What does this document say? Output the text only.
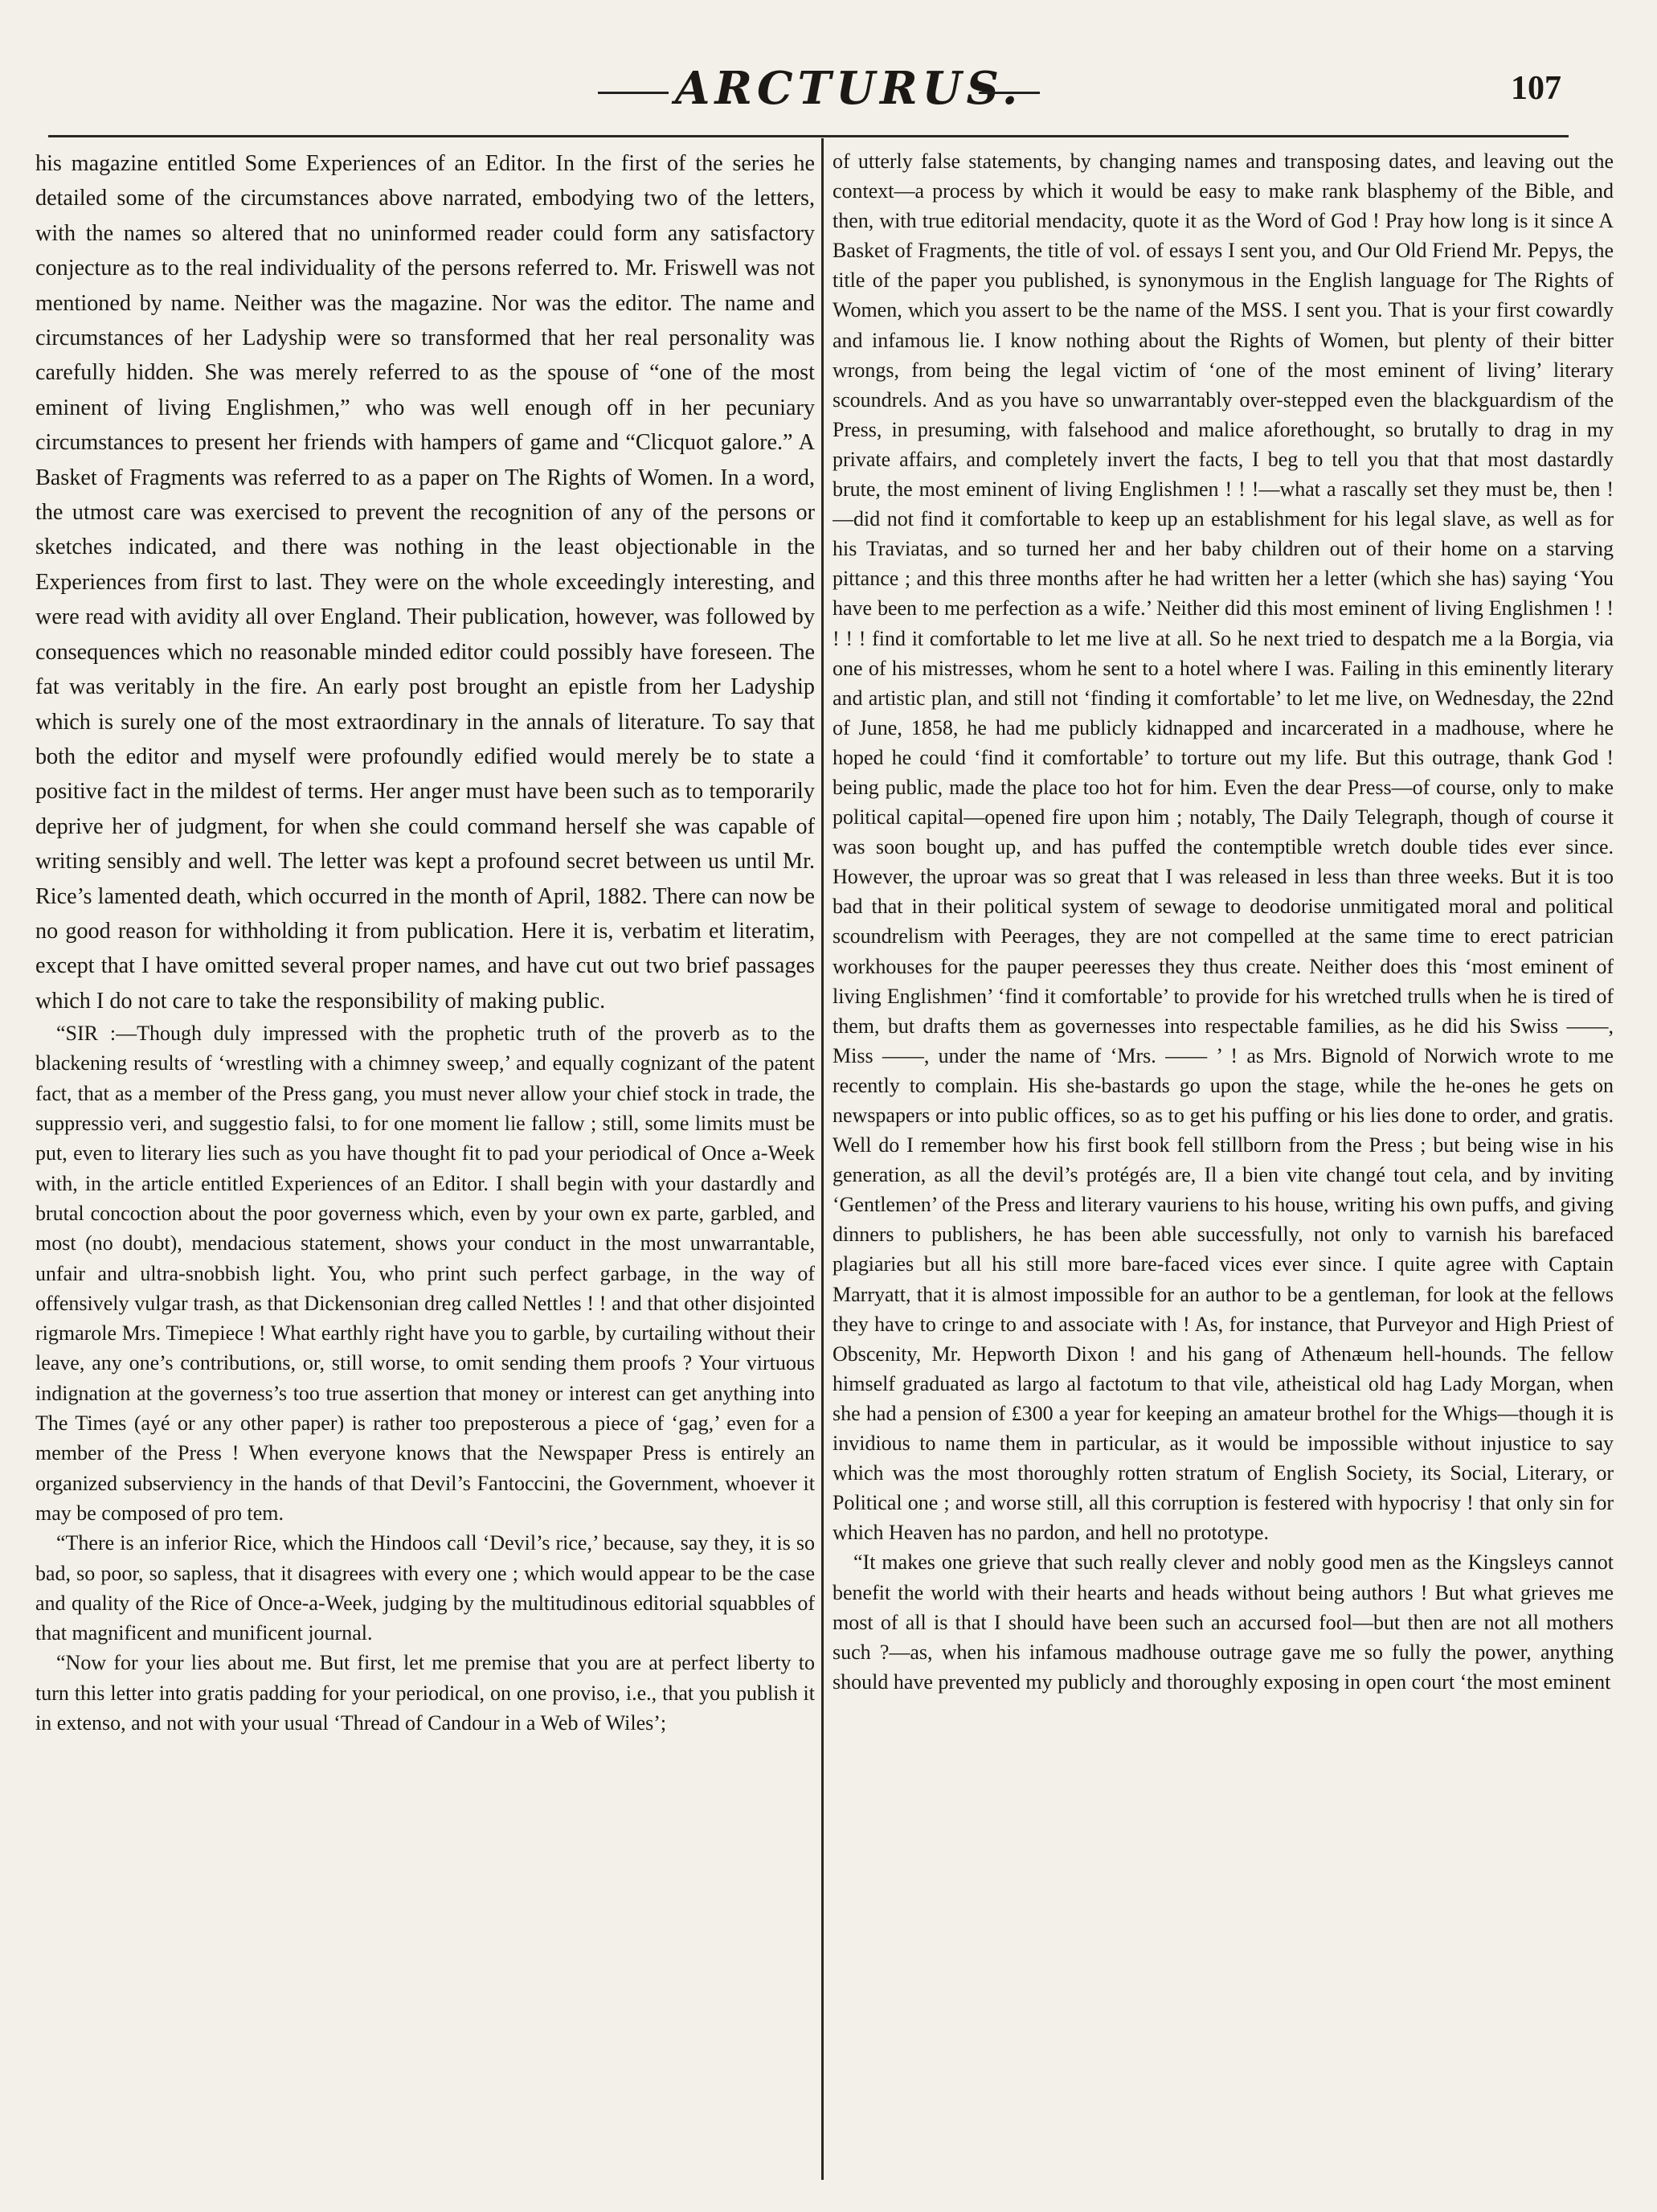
ARCTURUS.	107

his magazine entitled Some Experiences of an Editor. In the first of the series he detailed some of the circumstances above narrated, embodying two of the letters, with the names so altered that no uninformed reader could form any satisfactory conjecture as to the real individuality of the persons referred to. Mr. Friswell was not mentioned by name. Neither was the magazine. Nor was the editor. The name and circumstances of her Ladyship were so transformed that her real personality was carefully hidden. She was merely referred to as the spouse of “one of the most eminent of living Englishmen,” who was well enough off in her pecuniary circumstances to present her friends with hampers of game and “Clicquot galore.” A Basket of Fragments was referred to as a paper on The Rights of Women. In a word, the utmost care was exercised to prevent the recognition of any of the persons or sketches indicated, and there was nothing in the least objectionable in the Experiences from first to last. They were on the whole exceedingly interesting, and were read with avidity all over England. Their publication, however, was followed by consequences which no reasonable minded editor could possibly have foreseen. The fat was veritably in the fire. An early post brought an epistle from her Ladyship which is surely one of the most extraordinary in the annals of literature. To say that both the editor and myself were profoundly edified would merely be to state a positive fact in the mildest of terms. Her anger must have been such as to temporarily deprive her of judgment, for when she could command herself she was capable of writing sensibly and well. The letter was kept a profound secret between us until Mr. Rice’s lamented death, which occurred in the month of April, 1882. There can now be no good reason for withholding it from publication. Here it is, verbatim et literatim, except that I have omitted several proper names, and have cut out two brief passages which I do not care to take the responsibility of making public.

“SIR :—Though duly impressed with the prophetic truth of the proverb as to the blackening results of ‘wrestling with a chimney sweep,’ and equally cognizant of the patent fact, that as a member of the Press gang, you must never allow your chief stock in trade, the suppressio veri, and suggestio falsi, to for one moment lie fallow ; still, some limits must be put, even to literary lies such as you have thought fit to pad your periodical of Once a-Week with, in the article entitled Experiences of an Editor. I shall begin with your dastardly and brutal concoction about the poor governess which, even by your own ex parte, garbled, and most (no doubt), mendacious statement, shows your conduct in the most unwarrantable, unfair and ultra-snobbish light. You, who print such perfect garbage, in the way of offensively vulgar trash, as that Dickensonian dreg called Nettles ! ! and that other disjointed rigmarole Mrs. Timepiece ! What earthly right have you to garble, by curtailing without their leave, any one’s contributions, or, still worse, to omit sending them proofs ? Your virtuous indignation at the governess’s too true assertion that money or interest can get anything into The Times (ayé or any other paper) is rather too preposterous a piece of ‘gag,’ even for a member of the Press ! When everyone knows that the Newspaper Press is entirely an organized subserviency in the hands of that Devil’s Fantoccini, the Government, whoever it may be composed of pro tem.

“There is an inferior Rice, which the Hindoos call ‘Devil’s rice,’ because, say they, it is so bad, so poor, so sapless, that it disagrees with every one ; which would appear to be the case and quality of the Rice of Once-a-Week, judging by the multitudinous editorial squabbles of that magnificent and munificent journal.

“Now for your lies about me. But first, let me premise that you are at perfect liberty to turn this letter into gratis padding for your periodical, on one proviso, i.e., that you publish it in extenso, and not with your usual ‘Thread of Candour in a Web of Wiles’;

of utterly false statements, by changing names and transposing dates, and leaving out the context—a process by which it would be easy to make rank blasphemy of the Bible, and then, with true editorial mendacity, quote it as the Word of God ! Pray how long is it since A Basket of Fragments, the title of vol. of essays I sent you, and Our Old Friend Mr. Pepys, the title of the paper you published, is synonymous in the English language for The Rights of Women, which you assert to be the name of the MSS. I sent you. That is your first cowardly and infamous lie. I know nothing about the Rights of Women, but plenty of their bitter wrongs, from being the legal victim of ‘one of the most eminent of living’ literary scoundrels. And as you have so unwarrantably over-stepped even the blackguardism of the Press, in presuming, with falsehood and malice aforethought, so brutally to drag in my private affairs, and completely invert the facts, I beg to tell you that that most dastardly brute, the most eminent of living Englishmen ! ! !—what a rascally set they must be, then !—did not find it comfortable to keep up an establishment for his legal slave, as well as for his Traviatas, and so turned her and her baby children out of their home on a starving pittance ; and this three months after he had written her a letter (which she has) saying ‘You have been to me perfection as a wife.’ Neither did this most eminent of living Englishmen ! ! ! ! ! find it comfortable to let me live at all. So he next tried to despatch me a la Borgia, via one of his mistresses, whom he sent to a hotel where I was. Failing in this eminently literary and artistic plan, and still not ‘finding it comfortable’ to let me live, on Wednesday, the 22nd of June, 1858, he had me publicly kidnapped and incarcerated in a madhouse, where he hoped he could ‘find it comfortable’ to torture out my life. But this outrage, thank God ! being public, made the place too hot for him. Even the dear Press—of course, only to make political capital—opened fire upon him ; notably, The Daily Telegraph, though of course it was soon bought up, and has puffed the contemptible wretch double tides ever since. However, the uproar was so great that I was released in less than three weeks. But it is too bad that in their political system of sewage to deodorise unmitigated moral and political scoundrelism with Peerages, they are not compelled at the same time to erect patrician workhouses for the pauper peeresses they thus create. Neither does this ‘most eminent of living Englishmen’ ‘find it comfortable’ to provide for his wretched trulls when he is tired of them, but drafts them as governesses into respectable families, as he did his Swiss ——, Miss ——, under the name of ‘Mrs. —— ’ ! as Mrs. Bignold of Norwich wrote to me recently to complain. His she-bastards go upon the stage, while the he-ones he gets on newspapers or into public offices, so as to get his puffing or his lies done to order, and gratis. Well do I remember how his first book fell stillborn from the Press ; but being wise in his generation, as all the devil’s protégés are, Il a bien vite changé tout cela, and by inviting ‘Gentlemen’ of the Press and literary vauriens to his house, writing his own puffs, and giving dinners to publishers, he has been able successfully, not only to varnish his barefaced plagiaries but all his still more bare-faced vices ever since. I quite agree with Captain Marryatt, that it is almost impossible for an author to be a gentleman, for look at the fellows they have to cringe to and associate with ! As, for instance, that Purveyor and High Priest of Obscenity, Mr. Hepworth Dixon ! and his gang of Athenæum hell-hounds. The fellow himself graduated as largo al factotum to that vile, atheistical old hag Lady Morgan, when she had a pension of £300 a year for keeping an amateur brothel for the Whigs—though it is invidious to name them in particular, as it would be impossible without injustice to say which was the most thoroughly rotten stratum of English Society, its Social, Literary, or Political one ; and worse still, all this corruption is festered with hypocrisy ! that only sin for which Heaven has no pardon, and hell no prototype.

“It makes one grieve that such really clever and nobly good men as the Kingsleys cannot benefit the world with their hearts and heads without being authors ! But what grieves me most of all is that I should have been such an accursed fool—but then are not all mothers such ?—as, when his infamous madhouse outrage gave me so fully the power, anything should have prevented my publicly and thoroughly exposing in open court ‘the most eminent
